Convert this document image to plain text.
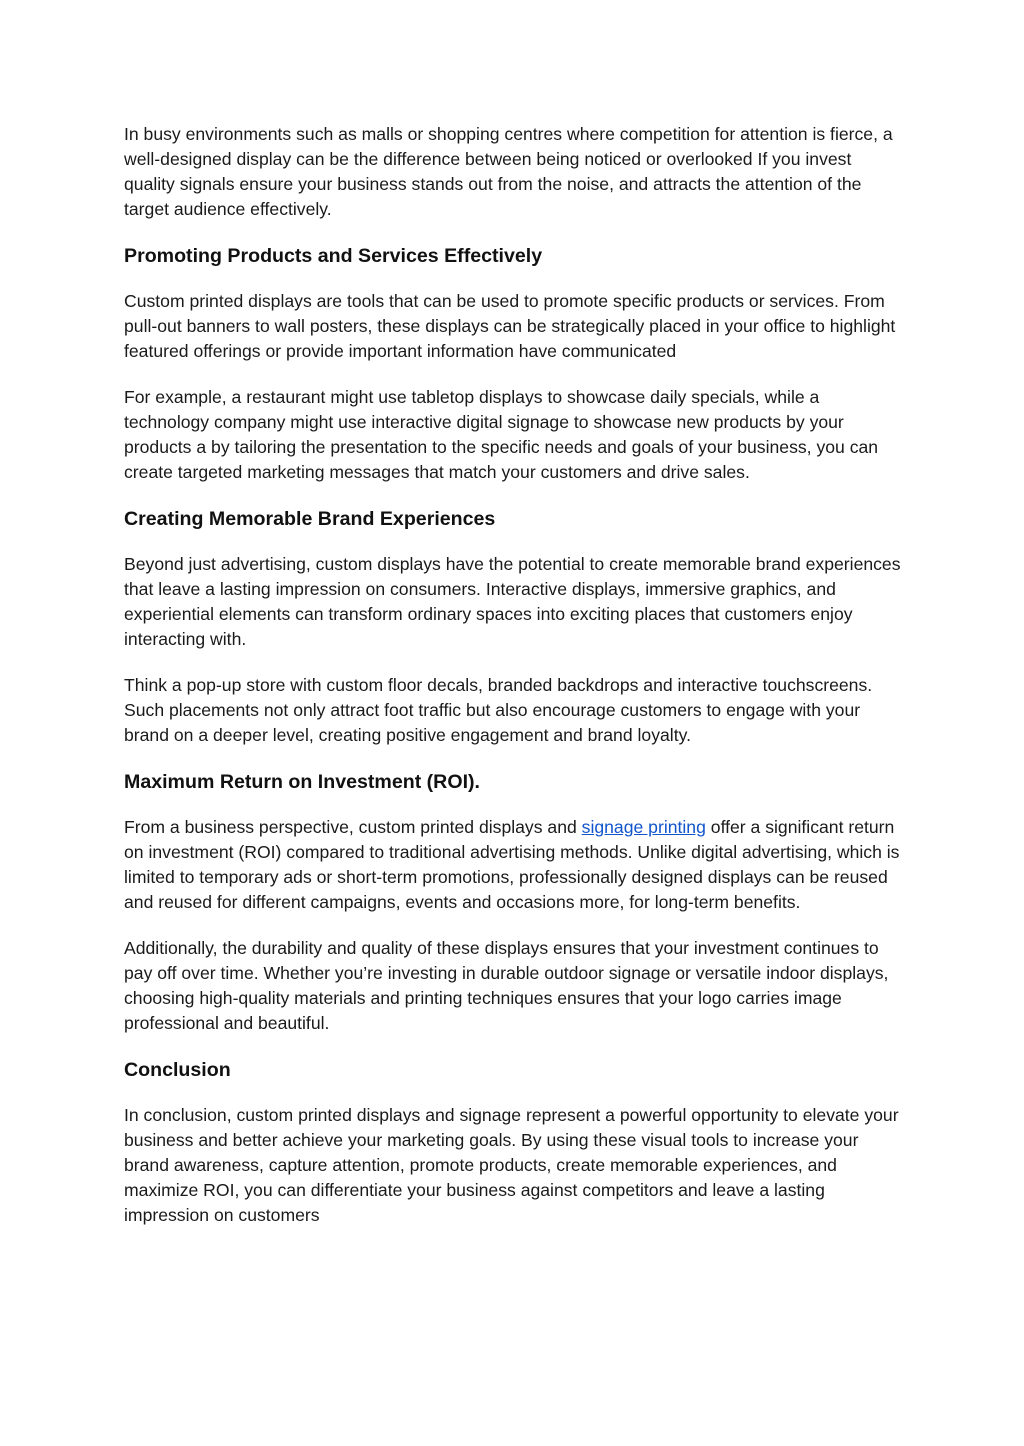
In busy environments such as malls or shopping centres where competition for attention is fierce, a well-designed display can be the difference between being noticed or overlooked If you invest quality signals ensure your business stands out from the noise, and attracts the attention of the target audience effectively.

Promoting Products and Services Effectively

Custom printed displays are tools that can be used to promote specific products or services. From pull-out banners to wall posters, these displays can be strategically placed in your office to highlight featured offerings or provide important information have communicated

For example, a restaurant might use tabletop displays to showcase daily specials, while a technology company might use interactive digital signage to showcase new products by your products a by tailoring the presentation to the specific needs and goals of your business, you can create targeted marketing messages that match your customers and drive sales.

Creating Memorable Brand Experiences

Beyond just advertising, custom displays have the potential to create memorable brand experiences that leave a lasting impression on consumers. Interactive displays, immersive graphics, and experiential elements can transform ordinary spaces into exciting places that customers enjoy interacting with.

Think a pop-up store with custom floor decals, branded backdrops and interactive touchscreens. Such placements not only attract foot traffic but also encourage customers to engage with your brand on a deeper level, creating positive engagement and brand loyalty.

Maximum Return on Investment (ROI).

From a business perspective, custom printed displays and signage printing offer a significant return on investment (ROI) compared to traditional advertising methods. Unlike digital advertising, which is limited to temporary ads or short-term promotions, professionally designed displays can be reused and reused for different campaigns, events and occasions more, for long-term benefits.

Additionally, the durability and quality of these displays ensures that your investment continues to pay off over time. Whether you’re investing in durable outdoor signage or versatile indoor displays, choosing high-quality materials and printing techniques ensures that your logo carries image professional and beautiful.

Conclusion

In conclusion, custom printed displays and signage represent a powerful opportunity to elevate your business and better achieve your marketing goals. By using these visual tools to increase your brand awareness, capture attention, promote products, create memorable experiences, and maximize ROI, you can differentiate your business against competitors and leave a lasting impression on customers
